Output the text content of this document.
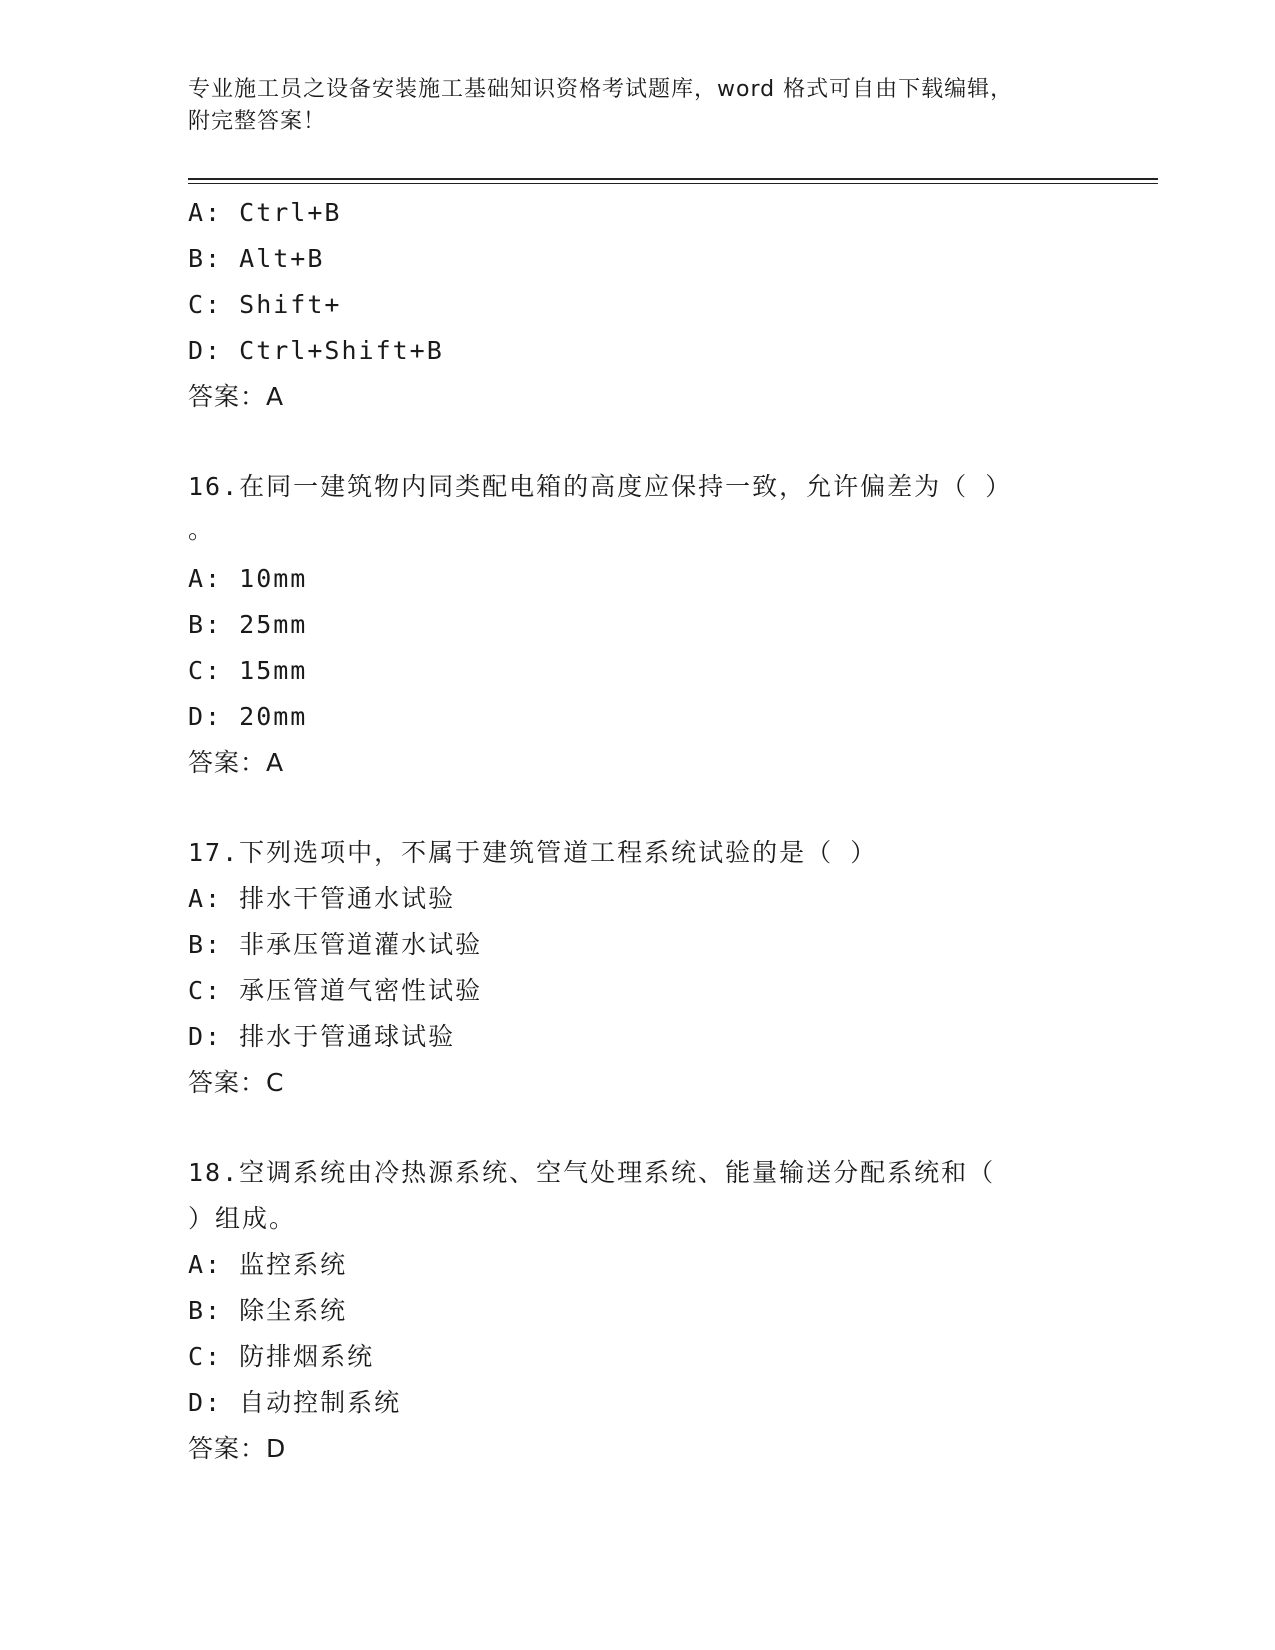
专业施工员之设备安装施工基础知识资格考试题库，word 格式可自由下载编辑，
附完整答案！
A: Ctrl+B
B: Alt+B
C: Shift+
D: Ctrl+Shift+B
答案：A
16.在同一建筑物内同类配电箱的高度应保持一致，允许偏差为（ ）
。
A: 10mm
B: 25mm
C: 15mm
D: 20mm
答案：A
17.下列选项中，不属于建筑管道工程系统试验的是（ ）
A: 排水干管通水试验
B: 非承压管道灌水试验
C: 承压管道气密性试验
D: 排水于管通球试验
答案：C
18.空调系统由冷热源系统、空气处理系统、能量输送分配系统和（
）组成。
A: 监控系统
B: 除尘系统
C: 防排烟系统
D: 自动控制系统
答案：D
